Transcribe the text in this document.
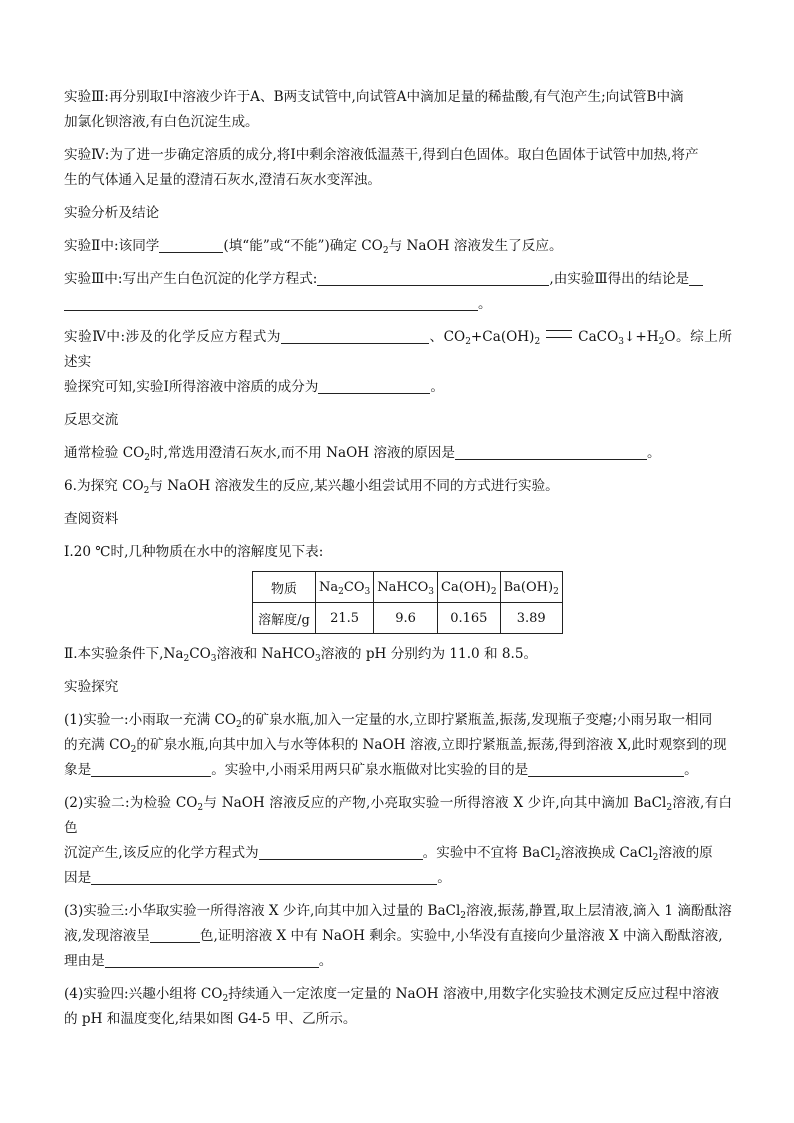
实验Ⅲ:再分别取Ⅰ中溶液少许于A、B两支试管中,向试管A中滴加足量的稀盐酸,有气泡产生;向试管B中滴
加氯化钡溶液,有白色沉淀生成。

实验Ⅳ:为了进一步确定溶质的成分,将Ⅰ中剩余溶液低温蒸干,得到白色固体。取白色固体于试管中加热,将产
生的气体通入足量的澄清石灰水,澄清石灰水变浑浊。

实验分析及结论

实验Ⅱ中:该同学	(填“能”或“不能”)确定 $CO_2$与 NaOH 溶液发生了反应。

实验Ⅲ中:写出产生白色沉淀的化学方程式:	,由实验Ⅲ得出的结论是
。

实验Ⅳ中:涉及的化学反应方程式为	、$CO_2+Ca(OH)_2$	$CaCO_3↓+H_2O$。综上所述实
验探究可知,实验Ⅰ所得溶液中溶质的成分为	。

反思交流

通常检验 $CO_2$时,常选用澄清石灰水,而不用 NaOH 溶液的原因是	。

6.为探究 $CO_2$与 NaOH 溶液发生的反应,某兴趣小组尝试用不同的方式进行实验。

查阅资料

Ⅰ.20 ℃时,几种物质在水中的溶解度见下表:

物质	$Na_2CO_3$	NaHCO$_3$	$Ca(OH)_2$	$Ba(OH)_2$
溶解度/g	21.5	9.6	0.165	3.89

Ⅱ.本实验条件下$,Na_2CO_3$溶液和 NaHCO$_3$溶液的 pH 分别约为 11.0 和 8.5。

实验探究

(1)实验一:小雨取一充满 $CO_2$的矿泉水瓶,加入一定量的水,立即拧紧瓶盖,振荡,发现瓶子变瘪;小雨另取一相同
的充满 $CO_2$的矿泉水瓶,向其中加入与水等体积的 NaOH 溶液,立即拧紧瓶盖,振荡,得到溶液 X,此时观察到的现
象是	。实验中,小雨采用两只矿泉水瓶做对比实验的目的是	。

(2)实验二:为检验 $CO_2$与 NaOH 溶液反应的产物,小亮取实验一所得溶液 X 少许,向其中滴加 BaCl$_2$溶液,有白色
沉淀产生,该反应的化学方程式为	。实验中不宜将 BaCl$_2$溶液换成 CaCl$_2$溶液的原
因是	。

(3)实验三:小华取实验一所得溶液 X 少许,向其中加入过量的 BaCl$_2$溶液,振荡,静置,取上层清液,滴入 1 滴酚酞溶
液,发现溶液呈	色,证明溶液 X 中有 NaOH 剩余。实验中,小华没有直接向少量溶液 X 中滴入酚酞溶液,
理由是	。

(4)实验四:兴趣小组将 $CO_2$持续通入一定浓度一定量的 NaOH 溶液中,用数字化实验技术测定反应过程中溶液
的 pH 和温度变化,结果如图 G4-5 甲、乙所示。
